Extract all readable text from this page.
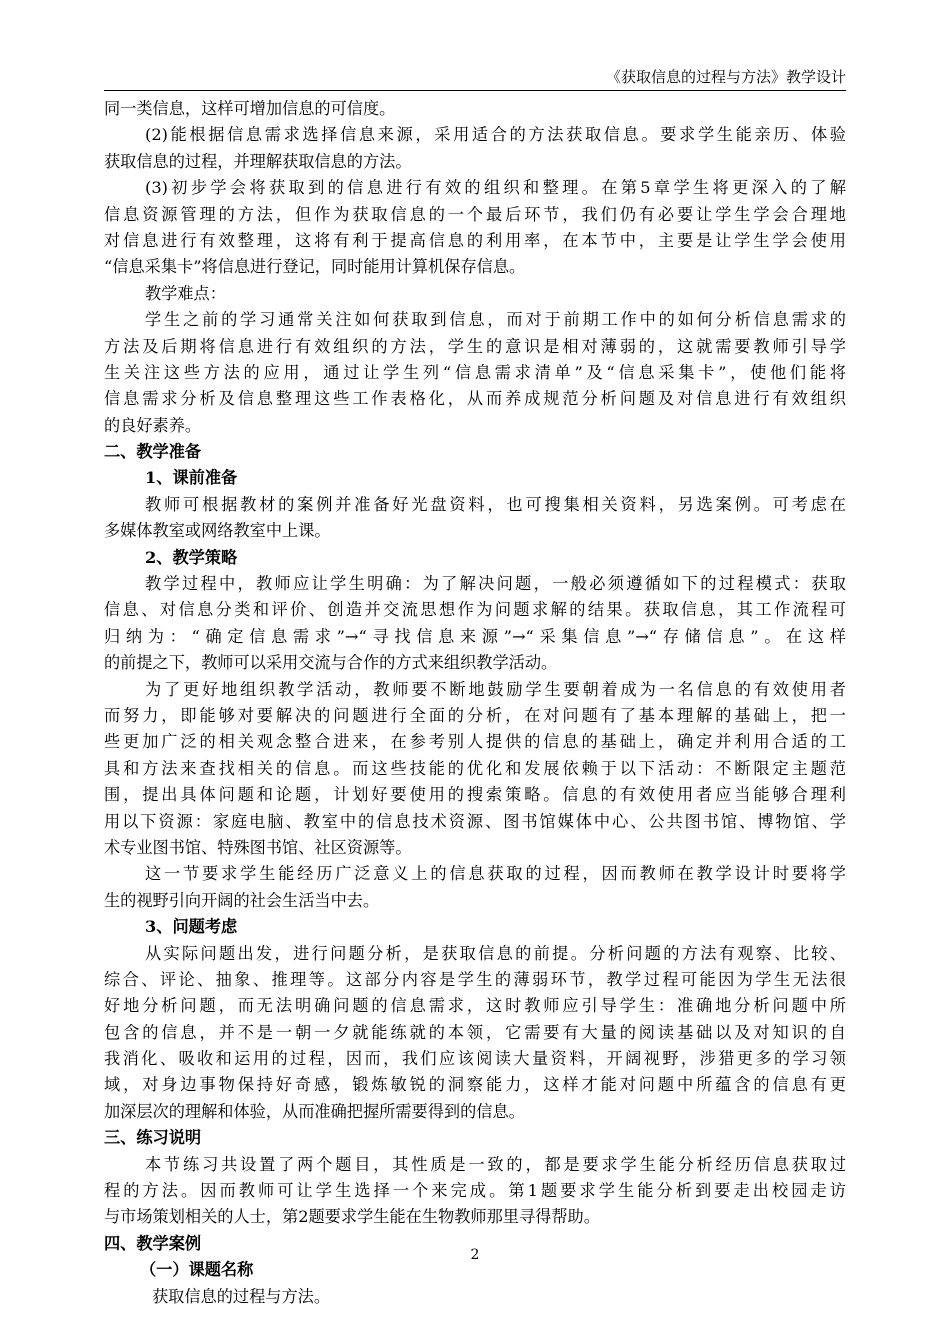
《获取信息的过程与方法》教学设计
同一类信息，这样可增加信息的可信度。
(2)能根据信息需求选择信息来源，采用适合的方法获取信息。要求学生能亲历、体验
获取信息的过程，并理解获取信息的方法。
(3)初步学会将获取到的信息进行有效的组织和整理。在第5章学生将更深入的了解
信息资源管理的方法，但作为获取信息的一个最后环节，我们仍有必要让学生学会合理地
对信息进行有效整理，这将有利于提高信息的利用率，在本节中，主要是让学生学会使用
“信息采集卡”将信息进行登记，同时能用计算机保存信息。
教学难点：
学生之前的学习通常关注如何获取到信息，而对于前期工作中的如何分析信息需求的
方法及后期将信息进行有效组织的方法，学生的意识是相对薄弱的，这就需要教师引导学
生关注这些方法的应用，通过让学生列“信息需求清单”及“信息采集卡”，使他们能将
信息需求分析及信息整理这些工作表格化，从而养成规范分析问题及对信息进行有效组织
的良好素养。
二、教学准备
1、课前准备
教师可根据教材的案例并准备好光盘资料，也可搜集相关资料，另选案例。可考虑在
多媒体教室或网络教室中上课。
2、教学策略
教学过程中，教师应让学生明确：为了解决问题，一般必须遵循如下的过程模式：获取
信息、对信息分类和评价、创造并交流思想作为问题求解的结果。获取信息，其工作流程可
归纳为：“确定信息需求”→“寻找信息来源”→“采集信息”→“存储信息”。在这样
的前提之下，教师可以采用交流与合作的方式来组织教学活动。
为了更好地组织教学活动，教师要不断地鼓励学生要朝着成为一名信息的有效使用者
而努力，即能够对要解决的问题进行全面的分析，在对问题有了基本理解的基础上，把一
些更加广泛的相关观念整合进来，在参考别人提供的信息的基础上，确定并利用合适的工
具和方法来查找相关的信息。而这些技能的优化和发展依赖于以下活动：不断限定主题范
围，提出具体问题和论题，计划好要使用的搜索策略。信息的有效使用者应当能够合理利
用以下资源：家庭电脑、教室中的信息技术资源、图书馆媒体中心、公共图书馆、博物馆、学
术专业图书馆、特殊图书馆、社区资源等。
这一节要求学生能经历广泛意义上的信息获取的过程，因而教师在教学设计时要将学
生的视野引向开阔的社会生活当中去。
3、问题考虑
从实际问题出发，进行问题分析，是获取信息的前提。分析问题的方法有观察、比较、
综合、评论、抽象、推理等。这部分内容是学生的薄弱环节，教学过程可能因为学生无法很
好地分析问题，而无法明确问题的信息需求，这时教师应引导学生：准确地分析问题中所
包含的信息，并不是一朝一夕就能练就的本领，它需要有大量的阅读基础以及对知识的自
我消化、吸收和运用的过程，因而，我们应该阅读大量资料，开阔视野，涉猎更多的学习领
域，对身边事物保持好奇感，锻炼敏锐的洞察能力，这样才能对问题中所蕴含的信息有更
加深层次的理解和体验，从而准确把握所需要得到的信息。
三、练习说明
本节练习共设置了两个题目，其性质是一致的，都是要求学生能分析经历信息获取过
程的方法。因而教师可让学生选择一个来完成。第1题要求学生能分析到要走出校园走访
与市场策划相关的人士，第2题要求学生能在生物教师那里寻得帮助。
四、教学案例
（一）课题名称
获取信息的过程与方法。
2
